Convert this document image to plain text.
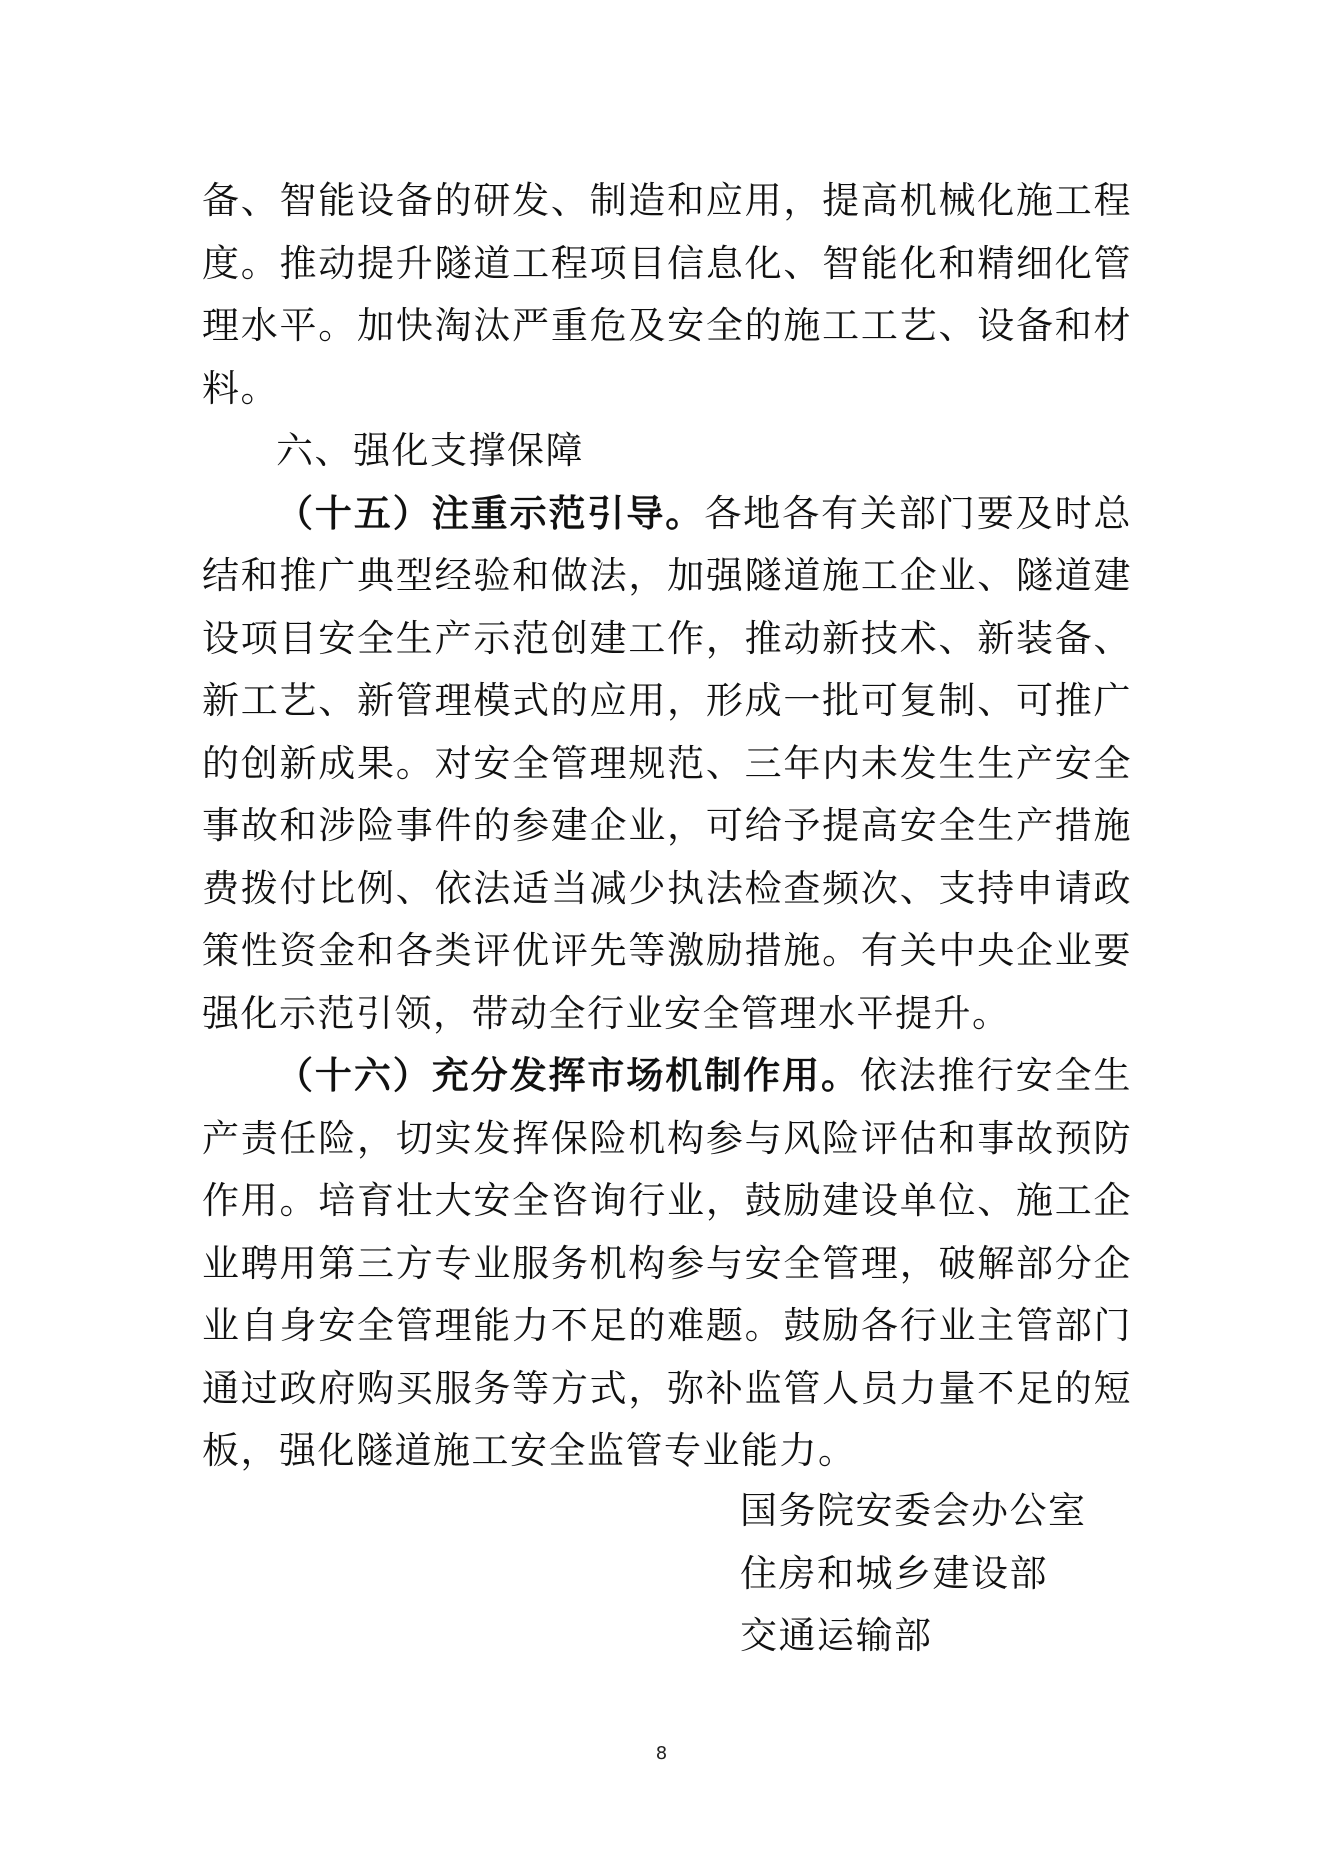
备、智能设备的研发、制造和应用，提高机械化施工程度。推动提升隧道工程项目信息化、智能化和精细化管理水平。加快淘汰严重危及安全的施工工艺、设备和材料。

六、强化支撑保障

（十五）注重示范引导。各地各有关部门要及时总结和推广典型经验和做法，加强隧道施工企业、隧道建设项目安全生产示范创建工作，推动新技术、新装备、新工艺、新管理模式的应用，形成一批可复制、可推广的创新成果。对安全管理规范、三年内未发生生产安全事故和涉险事件的参建企业，可给予提高安全生产措施费拨付比例、依法适当减少执法检查频次、支持申请政策性资金和各类评优评先等激励措施。有关中央企业要强化示范引领，带动全行业安全管理水平提升。

（十六）充分发挥市场机制作用。依法推行安全生产责任险，切实发挥保险机构参与风险评估和事故预防作用。培育壮大安全咨询行业，鼓励建设单位、施工企业聘用第三方专业服务机构参与安全管理，破解部分企业自身安全管理能力不足的难题。鼓励各行业主管部门通过政府购买服务等方式，弥补监管人员力量不足的短板，强化隧道施工安全监管专业能力。

国务院安委会办公室
住房和城乡建设部
交通运输部
8
